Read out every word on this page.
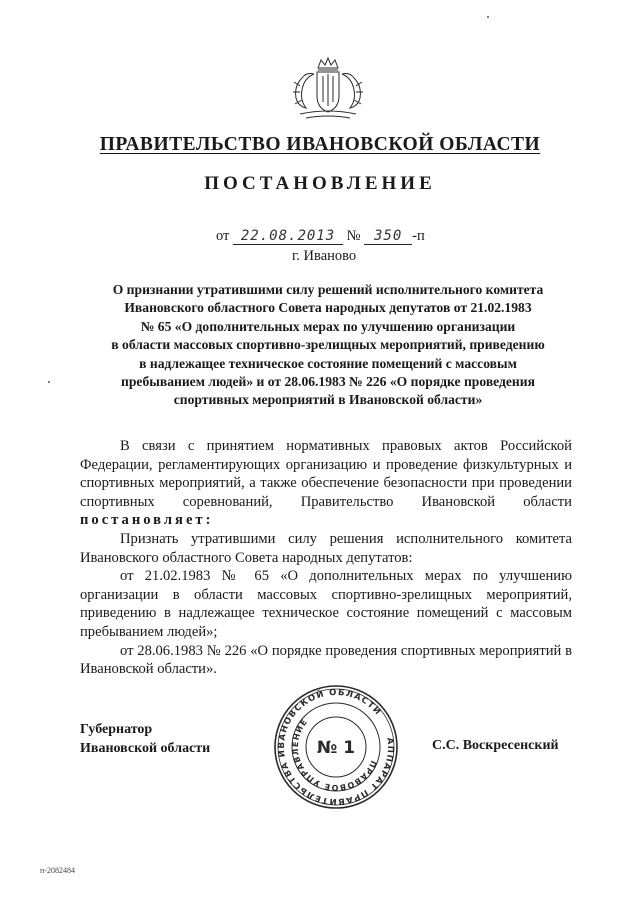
ПРАВИТЕЛЬСТВО ИВАНОВСКОЙ ОБЛАСТИ
ПОСТАНОВЛЕНИЕ
от 22.08.2013 № 350 -п
г. Иваново
О признании утратившими силу решений исполнительного комитета
Ивановского областного Совета народных депутатов от 21.02.1983
№ 65 «О дополнительных мерах по улучшению организации
в области массовых спортивно-зрелищных мероприятий, приведению
в надлежащее техническое состояние помещений с массовым
пребыванием людей» и от 28.06.1983 № 226 «О порядке проведения
спортивных мероприятий в Ивановской области»

В связи с принятием нормативных правовых актов Российской Федерации, регламентирующих организацию и проведение физкультурных и спортивных мероприятий, а также обеспечение безопасности при проведении спортивных соревнований, Правительство Ивановской области постановляет:

Признать утратившими силу решения исполнительного комитета Ивановского областного Совета народных депутатов:

от 21.02.1983 № 65 «О дополнительных мерах по улучшению организации в области массовых спортивно-зрелищных мероприятий, приведению в надлежащее техническое состояние помещений с массовым пребыванием людей»;

от 28.06.1983 № 226 «О порядке проведения спортивных мероприятий в Ивановской области».

Губернатор
Ивановской области	АППАРАТ ПРАВИТЕЛЬСТВА ИВАНОВСКОЙ ОБЛАСТИ
ПРАВОВОЕ УПРАВЛЕНИЕ
№ 1	С.С. Воскресенский
п-2082484
